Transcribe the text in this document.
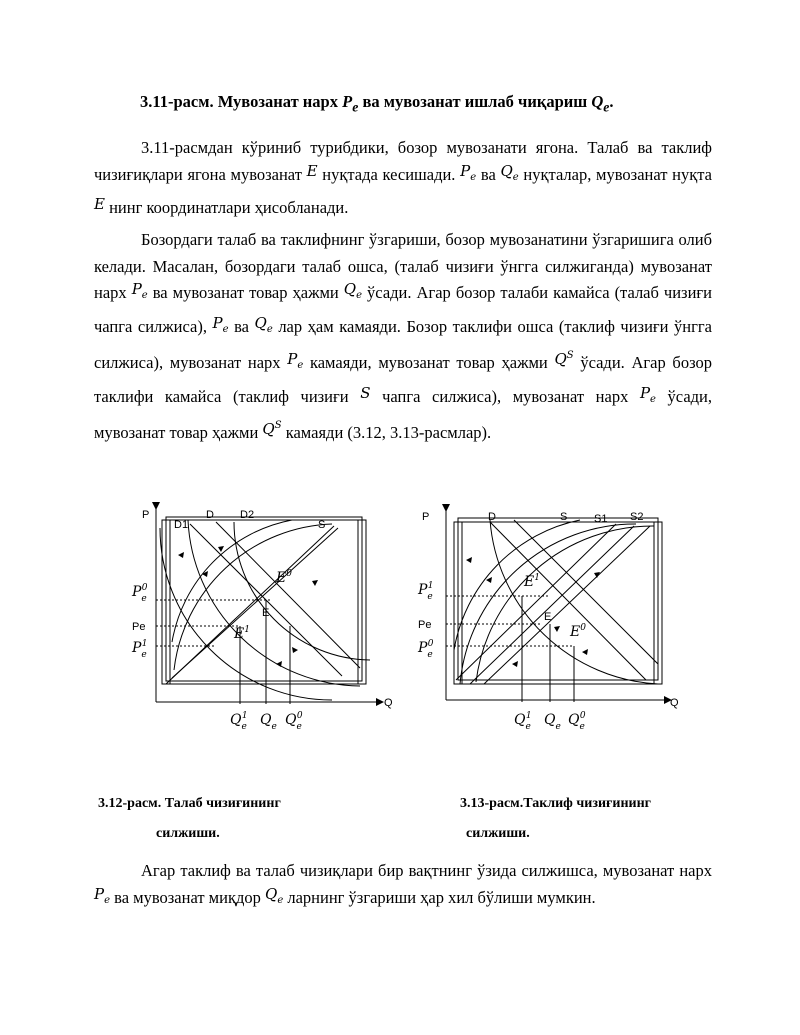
3.11-расм. Мувозанат нарх $P_e$ ва мувозанат ишлаб чиқариш $Q_e$.

3.11-расмдан кўриниб турибдики, бозор мувозанати ягона. Талаб ва таклиф чизиғиқлари ягона мувозанат E нуқтада кесишади. $P_e$ ва $Q_e$ нуқталар, мувозанат нуқта E нинг координатлари ҳисобланади.

Бозордаги талаб ва таклифнинг ўзгариши, бозор мувозанатини ўзгаришига олиб келади. Масалан, бозордаги талаб ошса, (талаб чизиғи ўнгга силжиганда) мувозанат нарх $P_e$ ва мувозанат товар ҳажми $Q_e$ ўсади. Агар бозор талаби камайса (талаб чизиғи чапга силжиса), $P_e$ ва $Q_e$ лар ҳам камаяди. Бозор таклифи ошса (таклиф чизиғи ўнгга силжиса), мувозанат нарх $P_e$ камаяди, мувозанат товар ҳажми $Q^S$ ўсади. Агар бозор таклифи камайса (таклиф чизиғи S чапга силжиса), мувозанат нарх $P_e$ ўсади, мувозанат товар ҳажми $Q^S$ камаяди (3.12, 3.13-расмлар).

P
Q
D1
D D2
S
$E^0$
E
$E^1$
$P_e0$
Pe
$P_e1$
$Q_e1$ $Q_e$ $Q_e0$
P
Q
D	S S1 S2
$E^1$
E
$E^0$
$P_e1$
Pe
$P_e0$
$Q_e1$ $Q_e$ $Q_e0$
3.12-расм. Талаб чизиғининг
силжиши.
3.13-расм.Таклиф чизиғининг
силжиши.

Агар таклиф ва талаб чизиқлари бир вақтнинг ўзида силжишса, мувозанат нарх $P_e$ ва мувозанат миқдор $Q_e$ ларнинг ўзгариши ҳар хил бўлиши мумкин.
